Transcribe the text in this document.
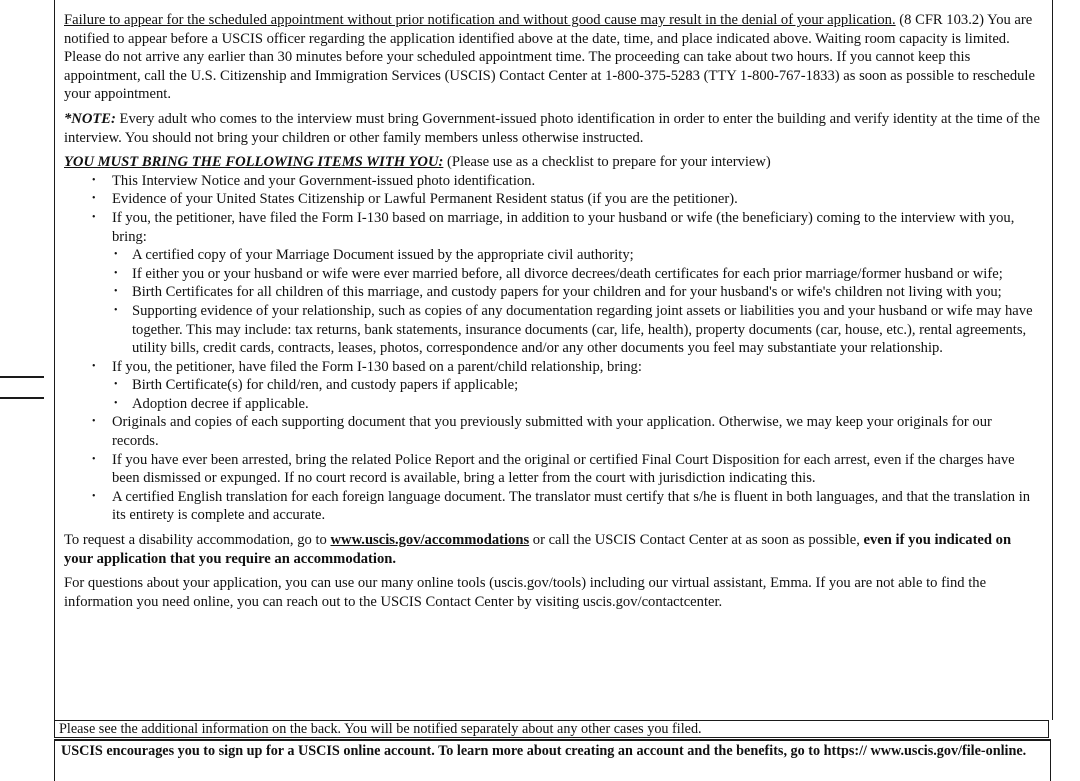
Failure to appear for the scheduled appointment without prior notification and without good cause may result in the denial of your application. (8 CFR 103.2) You are notified to appear before a USCIS officer regarding the application identified above at the date, time, and place indicated above. Waiting room capacity is limited. Please do not arrive any earlier than 30 minutes before your scheduled appointment time. The proceeding can take about two hours. If you cannot keep this appointment, call the U.S. Citizenship and Immigration Services (USCIS) Contact Center at 1-800-375-5283 (TTY 1-800-767-1833) as soon as possible to reschedule your appointment.

*NOTE: Every adult who comes to the interview must bring Government-issued photo identification in order to enter the building and verify identity at the time of the interview. You should not bring your children or other family members unless otherwise instructed.

YOU MUST BRING THE FOLLOWING ITEMS WITH YOU: (Please use as a checklist to prepare for your interview)

• This Interview Notice and your Government-issued photo identification.
• Evidence of your United States Citizenship or Lawful Permanent Resident status (if you are the petitioner).
• If you, the petitioner, have filed the Form I-130 based on marriage, in addition to your husband or wife (the beneficiary) coming to the interview with you, bring:
• A certified copy of your Marriage Document issued by the appropriate civil authority;
• If either you or your husband or wife were ever married before, all divorce decrees/death certificates for each prior marriage/former husband or wife;
• Birth Certificates for all children of this marriage, and custody papers for your children and for your husband's or wife's children not living with you;
• Supporting evidence of your relationship, such as copies of any documentation regarding joint assets or liabilities you and your husband or wife may have together. This may include: tax returns, bank statements, insurance documents (car, life, health), property documents (car, house, etc.), rental agreements, utility bills, credit cards, contracts, leases, photos, correspondence and/or any other documents you feel may substantiate your relationship.
• If you, the petitioner, have filed the Form I-130 based on a parent/child relationship, bring:
• Birth Certificate(s) for child/ren, and custody papers if applicable;
• Adoption decree if applicable.
• Originals and copies of each supporting document that you previously submitted with your application. Otherwise, we may keep your originals for our records.
• If you have ever been arrested, bring the related Police Report and the original or certified Final Court Disposition for each arrest, even if the charges have been dismissed or expunged. If no court record is available, bring a letter from the court with jurisdiction indicating this.
• A certified English translation for each foreign language document. The translator must certify that s/he is fluent in both languages, and that the translation in its entirety is complete and accurate.

To request a disability accommodation, go to www.uscis.gov/accommodations or call the USCIS Contact Center at as soon as possible, even if you indicated on your application that you require an accommodation.

For questions about your application, you can use our many online tools (uscis.gov/tools) including our virtual assistant, Emma. If you are not able to find the information you need online, you can reach out to the USCIS Contact Center by visiting uscis.gov/contactcenter.

Please see the additional information on the back. You will be notified separately about any other cases you filed.
USCIS encourages you to sign up for a USCIS online account. To learn more about creating an account and the benefits, go to https:// www.uscis.gov/file-online.
